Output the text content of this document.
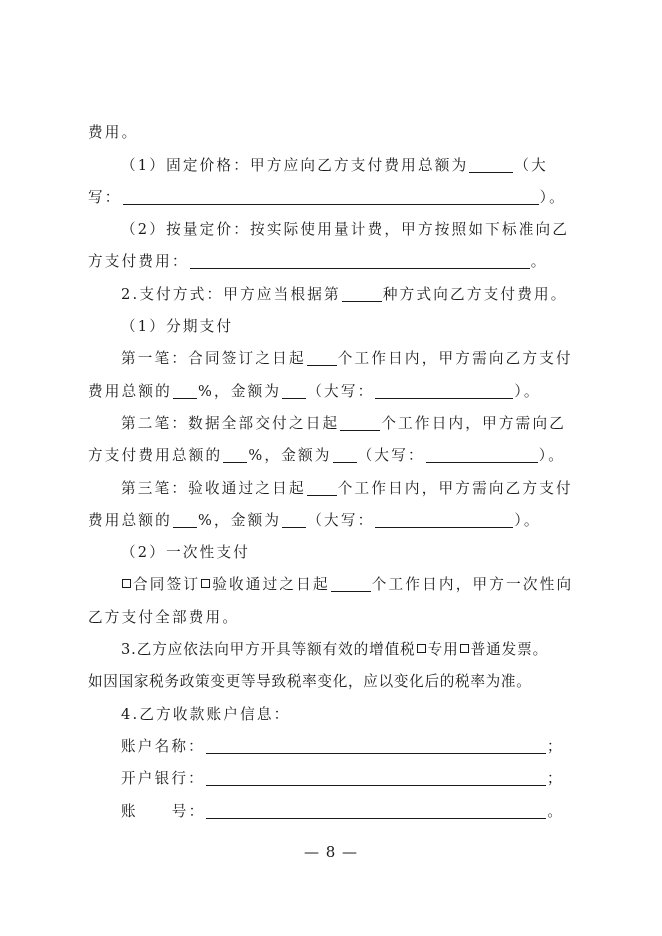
费用。
（1）固定价格：甲方应向乙方支付费用总额为	（大
写：	）。
（2）按量定价：按实际使用量计费，甲方按照如下标准向乙
方支付费用：	。
2.支付方式：甲方应当根据第	种方式向乙方支付费用。
（1）分期支付
第一笔：合同签订之日起 个工作日内，甲方需向乙方支付
费用总额的 %，金额为 （大写：	）。
第二笔：数据全部交付之日起	个工作日内，甲方需向乙
方支付费用总额的 %，金额为 （大写：	）。
第三笔：验收通过之日起 个工作日内，甲方需向乙方支付
费用总额的 %，金额为 （大写：	）。
（2）一次性支付
合同签订 验收通过之日起	个工作日内，甲方一次性向
乙方支付全部费用。
3.乙方应依法向甲方开具等额有效的增值税 专用 普通发票。
如因国家税务政策变更等导致税率变化，应以变化后的税率为准。
4.乙方收款账户信息：
账户名称：	；
开户银行：	；
账 号：	。
— 8 —
